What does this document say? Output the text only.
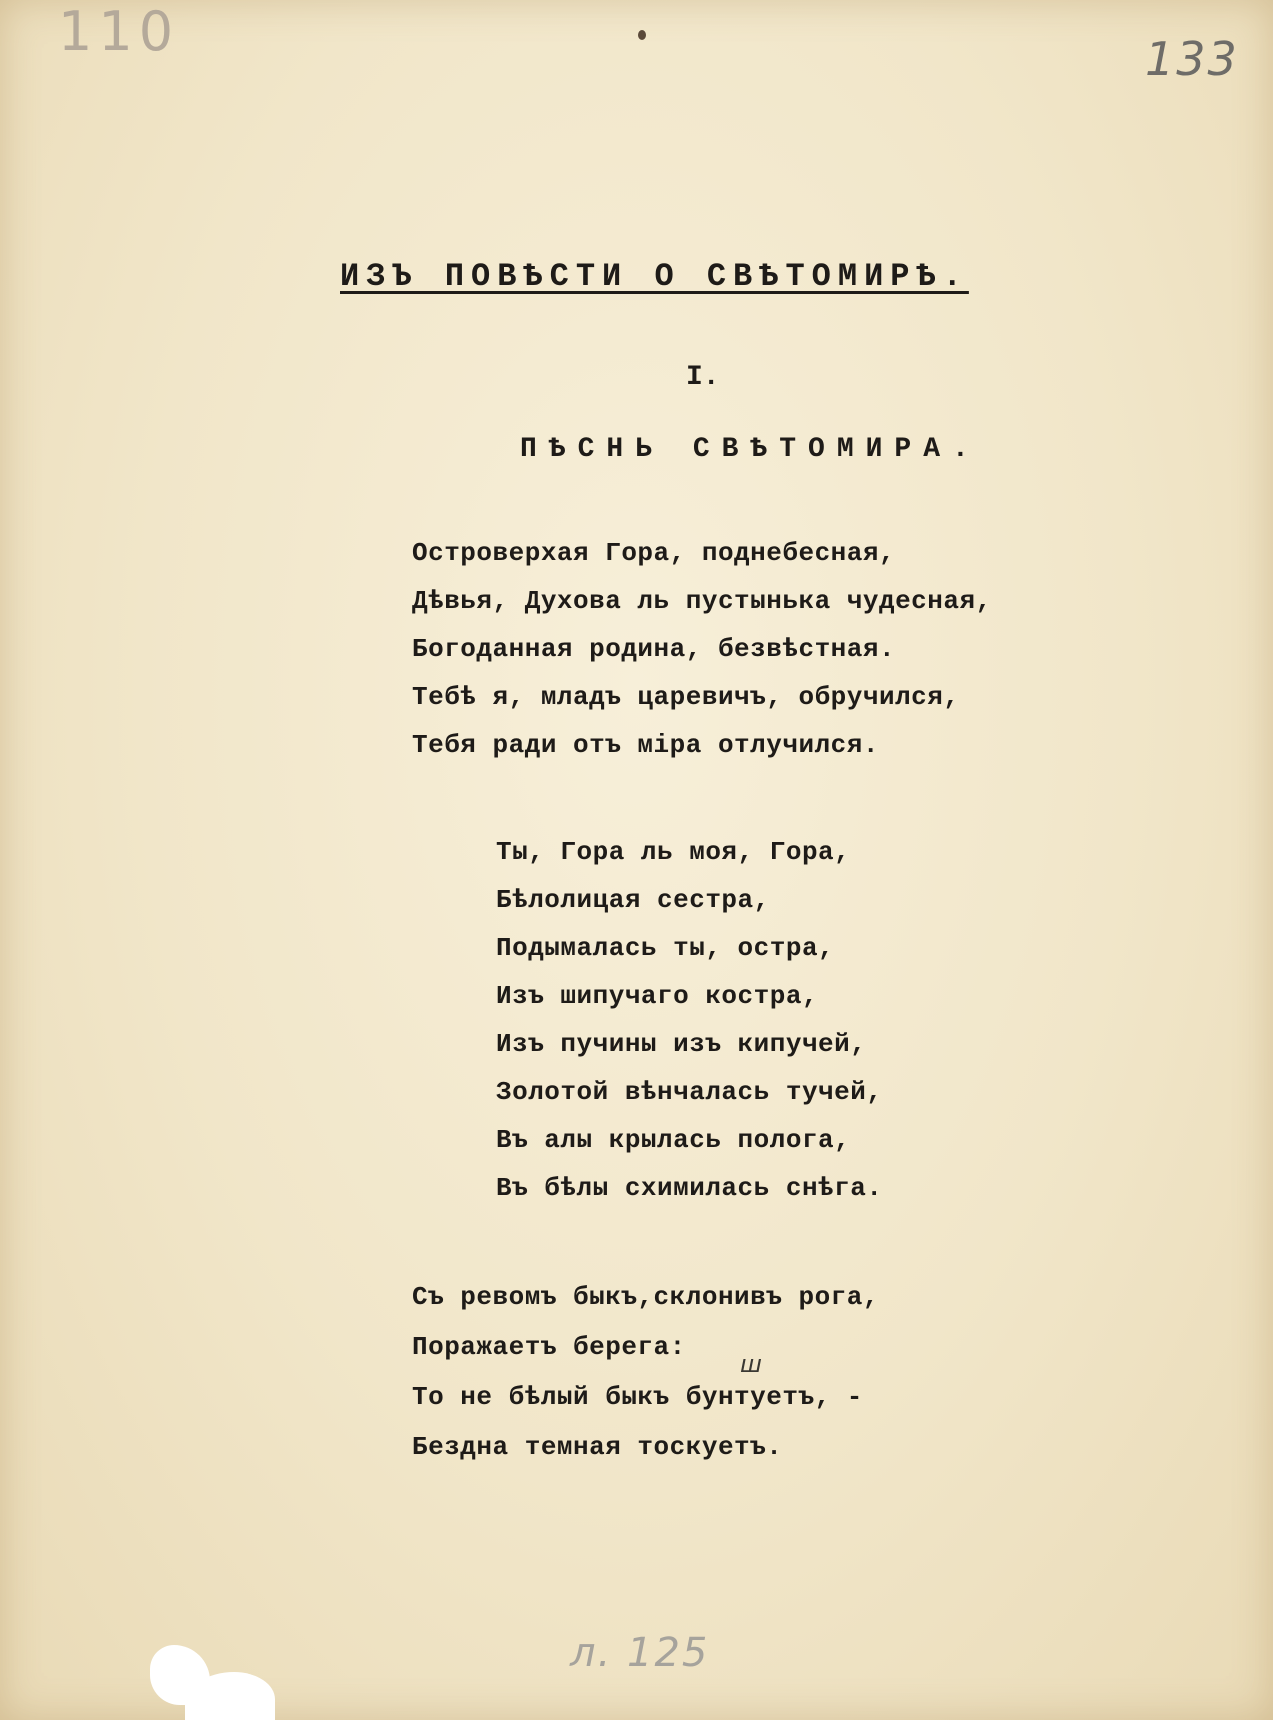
110	133
ИЗЪ ПОВѢСТИ О СВѢТОМИРѢ.
I.
ПѢСНЬ СВѢТОМИРА.
Островерхая Гора, поднебесная,
Дѣвья, Духова ль пустынька чудесная,
Богоданная родина, безвѣстная.
Тебѣ я, младъ царевичъ, обручился,
Тебя ради отъ міра отлучился.
Ты, Гора ль моя, Гора,
Бѣлолицая сестра,
Подымалась ты, остра,
Изъ шипучаго костра,
Изъ пучины изъ кипучей,
Золотой вѣнчалась тучей,
Въ алы крылась пологa,
Въ бѣлы схимилась снѣга.
Съ ревомъ быкъ,склонивъ рога,
Поражаетъ берега:
То не бѣлый быкъ бунтуетъ, -
Бездна темная тоскуетъ.
ш
л. 125
